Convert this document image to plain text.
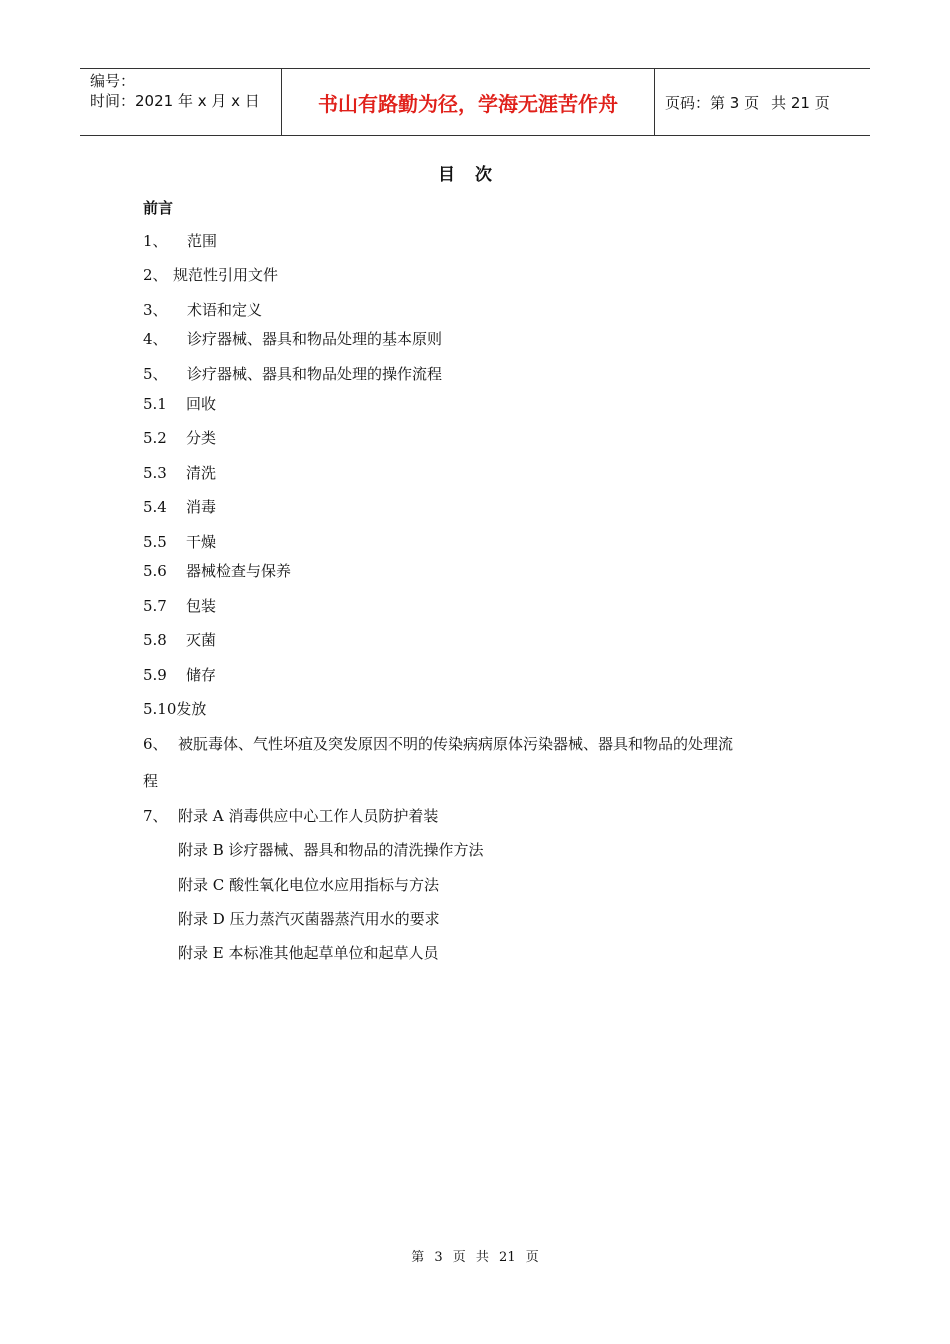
编号：
时间：2021 年 x 月 x 日	书山有路勤为径，学海无涯苦作舟	页码：第 3 页 共 21 页
目次
前言
1、 范围
2、 规范性引用文件
3、 术语和定义
4、 诊疗器械、器具和物品处理的基本原则
5、 诊疗器械、器具和物品处理的操作流程
5.1 回收
5.2 分类
5.3 清洗
5.4 消毒
5.5 干燥
5.6 器械检查与保养
5.7 包装
5.8 灭菌
5.9 储存
5.10发放
6、 被朊毒体、气性坏疽及突发原因不明的传染病病原体污染器械、器具和物品的处理流
程
7、 附录 A 消毒供应中心工作人员防护着装
附录 B 诊疗器械、器具和物品的清洗操作方法
附录 C 酸性氧化电位水应用指标与方法
附录 D 压力蒸汽灭菌器蒸汽用水的要求
附录 E 本标准其他起草单位和起草人员
第 3 页 共 21 页
